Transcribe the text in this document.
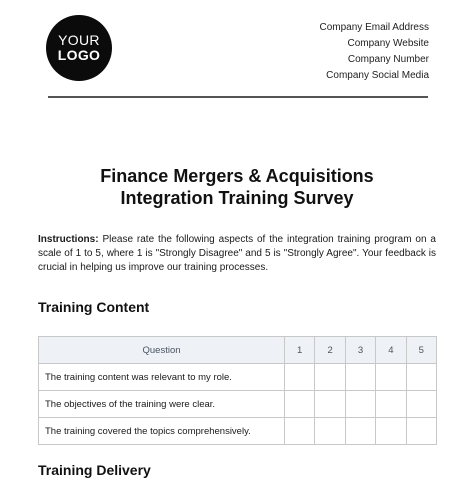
YOUR
LOGO
Company Email Address
Company Website
Company Number
Company Social Media
Finance Mergers & Acquisitions
Integration Training Survey

Instructions: Please rate the following aspects of the integration training program on a scale of 1 to 5, where 1 is "Strongly Disagree" and 5 is "Strongly Agree". Your feedback is crucial in helping us improve our training processes.

Training Content
Question	1	2	3	4	5
The training content was relevant to my role.					
The objectives of the training were clear.					
The training covered the topics comprehensively.					
Training Delivery
